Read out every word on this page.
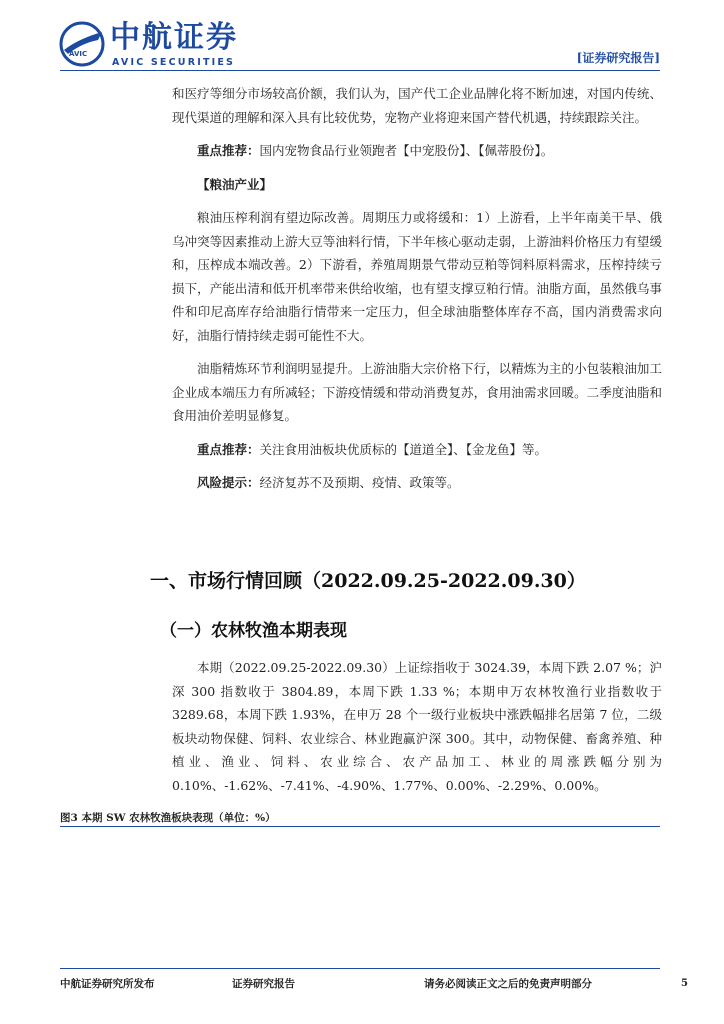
AVIC 中航证券
AVIC SECURITIES	[证券研究报告]

和医疗等细分市场较高价额，我们认为，国产代工企业品牌化将不断加速，对国内传统、现代渠道的理解和深入具有比较优势，宠物产业将迎来国产替代机遇，持续跟踪关注。

重点推荐：国内宠物食品行业领跑者【中宠股份】、【佩蒂股份】。

【粮油产业】

粮油压榨利润有望边际改善。周期压力或将缓和：1）上游看，上半年南美干旱、俄乌冲突等因素推动上游大豆等油料行情，下半年核心驱动走弱，上游油料价格压力有望缓和，压榨成本端改善。2）下游看，养殖周期景气带动豆粕等饲料原料需求，压榨持续亏损下，产能出清和低开机率带来供给收缩，也有望支撑豆粕行情。油脂方面，虽然俄乌事件和印尼高库存给油脂行情带来一定压力，但全球油脂整体库存不高，国内消费需求向好，油脂行情持续走弱可能性不大。

油脂精炼环节利润明显提升。上游油脂大宗价格下行，以精炼为主的小包装粮油加工企业成本端压力有所减轻；下游疫情缓和带动消费复苏，食用油需求回暖。二季度油脂和食用油价差明显修复。

重点推荐：关注食用油板块优质标的【道道全】、【金龙鱼】等。

风险提示：经济复苏不及预期、疫情、政策等。

一、市场行情回顾（2022.09.25-2022.09.30）
（一）农林牧渔本期表现

本期（2022.09.25-2022.09.30）上证综指收于 3024.39，本周下跌 2.07 %；沪深 300 指数收于 3804.89，本周下跌 1.33 %；本期申万农林牧渔行业指数收于 3289.68，本周下跌 1.93%，在申万 28 个一级行业板块中涨跌幅排名居第 7 位，二级板块动物保健、饲料、农业综合、林业跑赢沪深 300。其中，动物保健、畜禽养殖、种植业、渔业、饲料、农业综合、农产品加工、林业的周涨跌幅分别为 0.10%、-1.62%、-7.41%、-4.90%、1.77%、0.00%、-2.29%、0.00%。

图3 本期 SW 农林牧渔板块表现（单位：%）
中航证券研究所发布	证券研究报告	请务必阅读正文之后的免责声明部分	5
